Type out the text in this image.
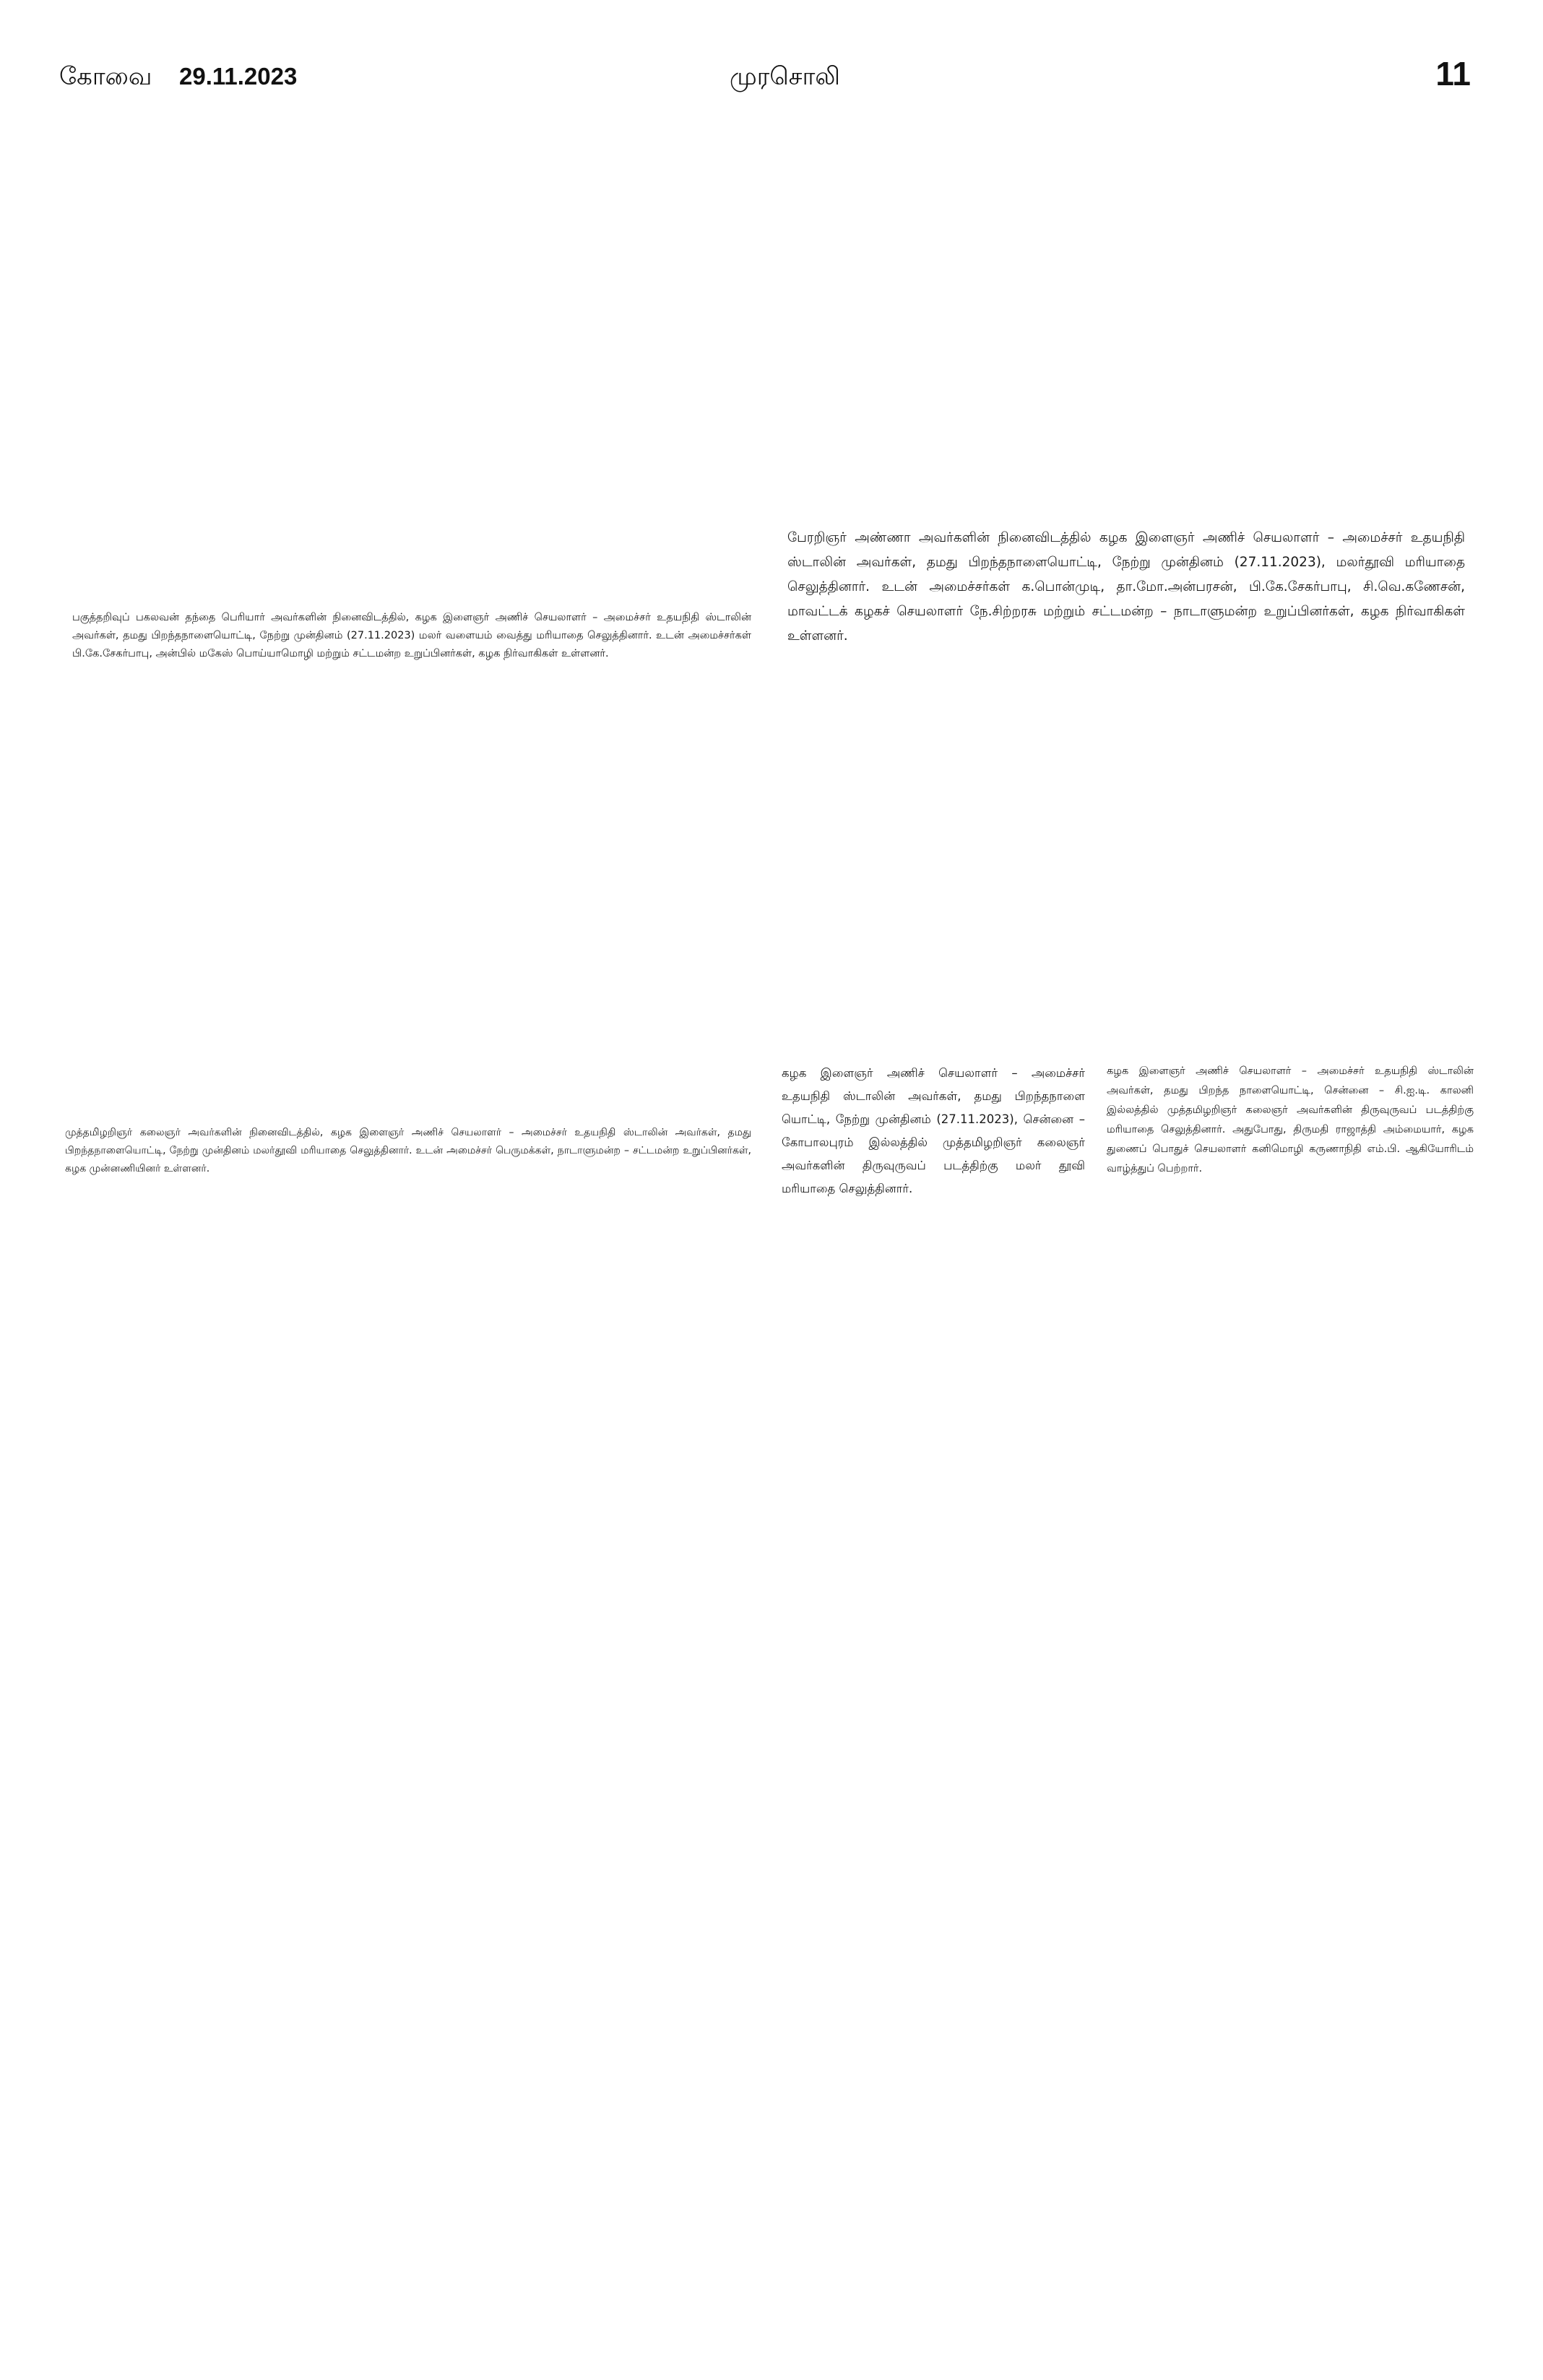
கோவை 29.11.2023	முரசொலி	11

பகுத்தறிவுப் பகலவன் தந்தை பெரியார் அவர்களின் நினைவிடத்தில், கழக இளைஞர் அணிச் செயலாளர் – அமைச்சர் உதயநிதி ஸ்டாலின் அவர்கள், தமது பிறந்தநாளையொட்டி, நேற்று முன்தினம் (27.11.2023) மலர் வளையம் வைத்து மரியாதை செலுத்தினார். உடன் அமைச்சர்கள் பி.கே.சேகர்பாபு, அன்பில் மகேஸ் பொய்யாமொழி மற்றும் சட்டமன்ற உறுப்பினர்கள், கழக நிர்வாகிகள் உள்ளனர்.

பேரறிஞர் அண்ணா அவர்களின் நினைவிடத்தில் கழக இளைஞர் அணிச் செயலாளர் – அமைச்சர் உதயநிதி ஸ்டாலின் அவர்கள், தமது பிறந்தநாளையொட்டி, நேற்று முன்தினம் (27.11.2023), மலர்தூவி மரியாதை செலுத்தினார். உடன் அமைச்சர்கள் க.பொன்முடி, தா.மோ.அன்பரசன், பி.கே.சேகர்பாபு, சி.வெ.கணேசன், மாவட்டக் கழகச் செயலாளர் நே.சிற்றரசு மற்றும் சட்டமன்ற – நாடாளுமன்ற உறுப்பினர்கள், கழக நிர்வாகிகள் உள்ளனர்.

முத்தமிழறிஞர் கலைஞர் அவர்களின் நினைவிடத்தில், கழக இளைஞர் அணிச் செயலாளர் – அமைச்சர் உதயநிதி ஸ்டாலின் அவர்கள், தமது பிறந்தநாளையொட்டி, நேற்று முன்தினம் மலர்தூவி மரியாதை செலுத்தினார். உடன் அமைச்சர் பெருமக்கள், நாடாளுமன்ற – சட்டமன்ற உறுப்பினர்கள், கழக முன்னணியினர் உள்ளனர்.

கழக இளைஞர் அணிச் செயலாளர் – அமைச்சர் உதயநிதி ஸ்டாலின் அவர்கள், தமது பிறந்தநாளை யொட்டி, நேற்று முன்தினம் (27.11.2023), சென்னை – கோபாலபுரம் இல்லத்தில் முத்தமிழறிஞர் கலைஞர் அவர்களின் திருவுருவப் படத்திற்கு மலர் தூவி மரியாதை செலுத்தினார்.

கழக இளைஞர் அணிச் செயலாளர் – அமைச்சர் உதயநிதி ஸ்டாலின் அவர்கள், தமது பிறந்த நாளையொட்டி, சென்னை – சி.ஐ.டி. காலனி இல்லத்தில் முத்தமிழறிஞர் கலைஞர் அவர்களின் திருவுருவப் படத்திற்கு மரியாதை செலுத்தினார். அதுபோது, திருமதி ராஜாத்தி அம்மையார், கழக துணைப் பொதுச் செயலாளர் கனிமொழி கருணாநிதி எம்.பி. ஆகியோரிடம் வாழ்த்துப் பெற்றார்.
